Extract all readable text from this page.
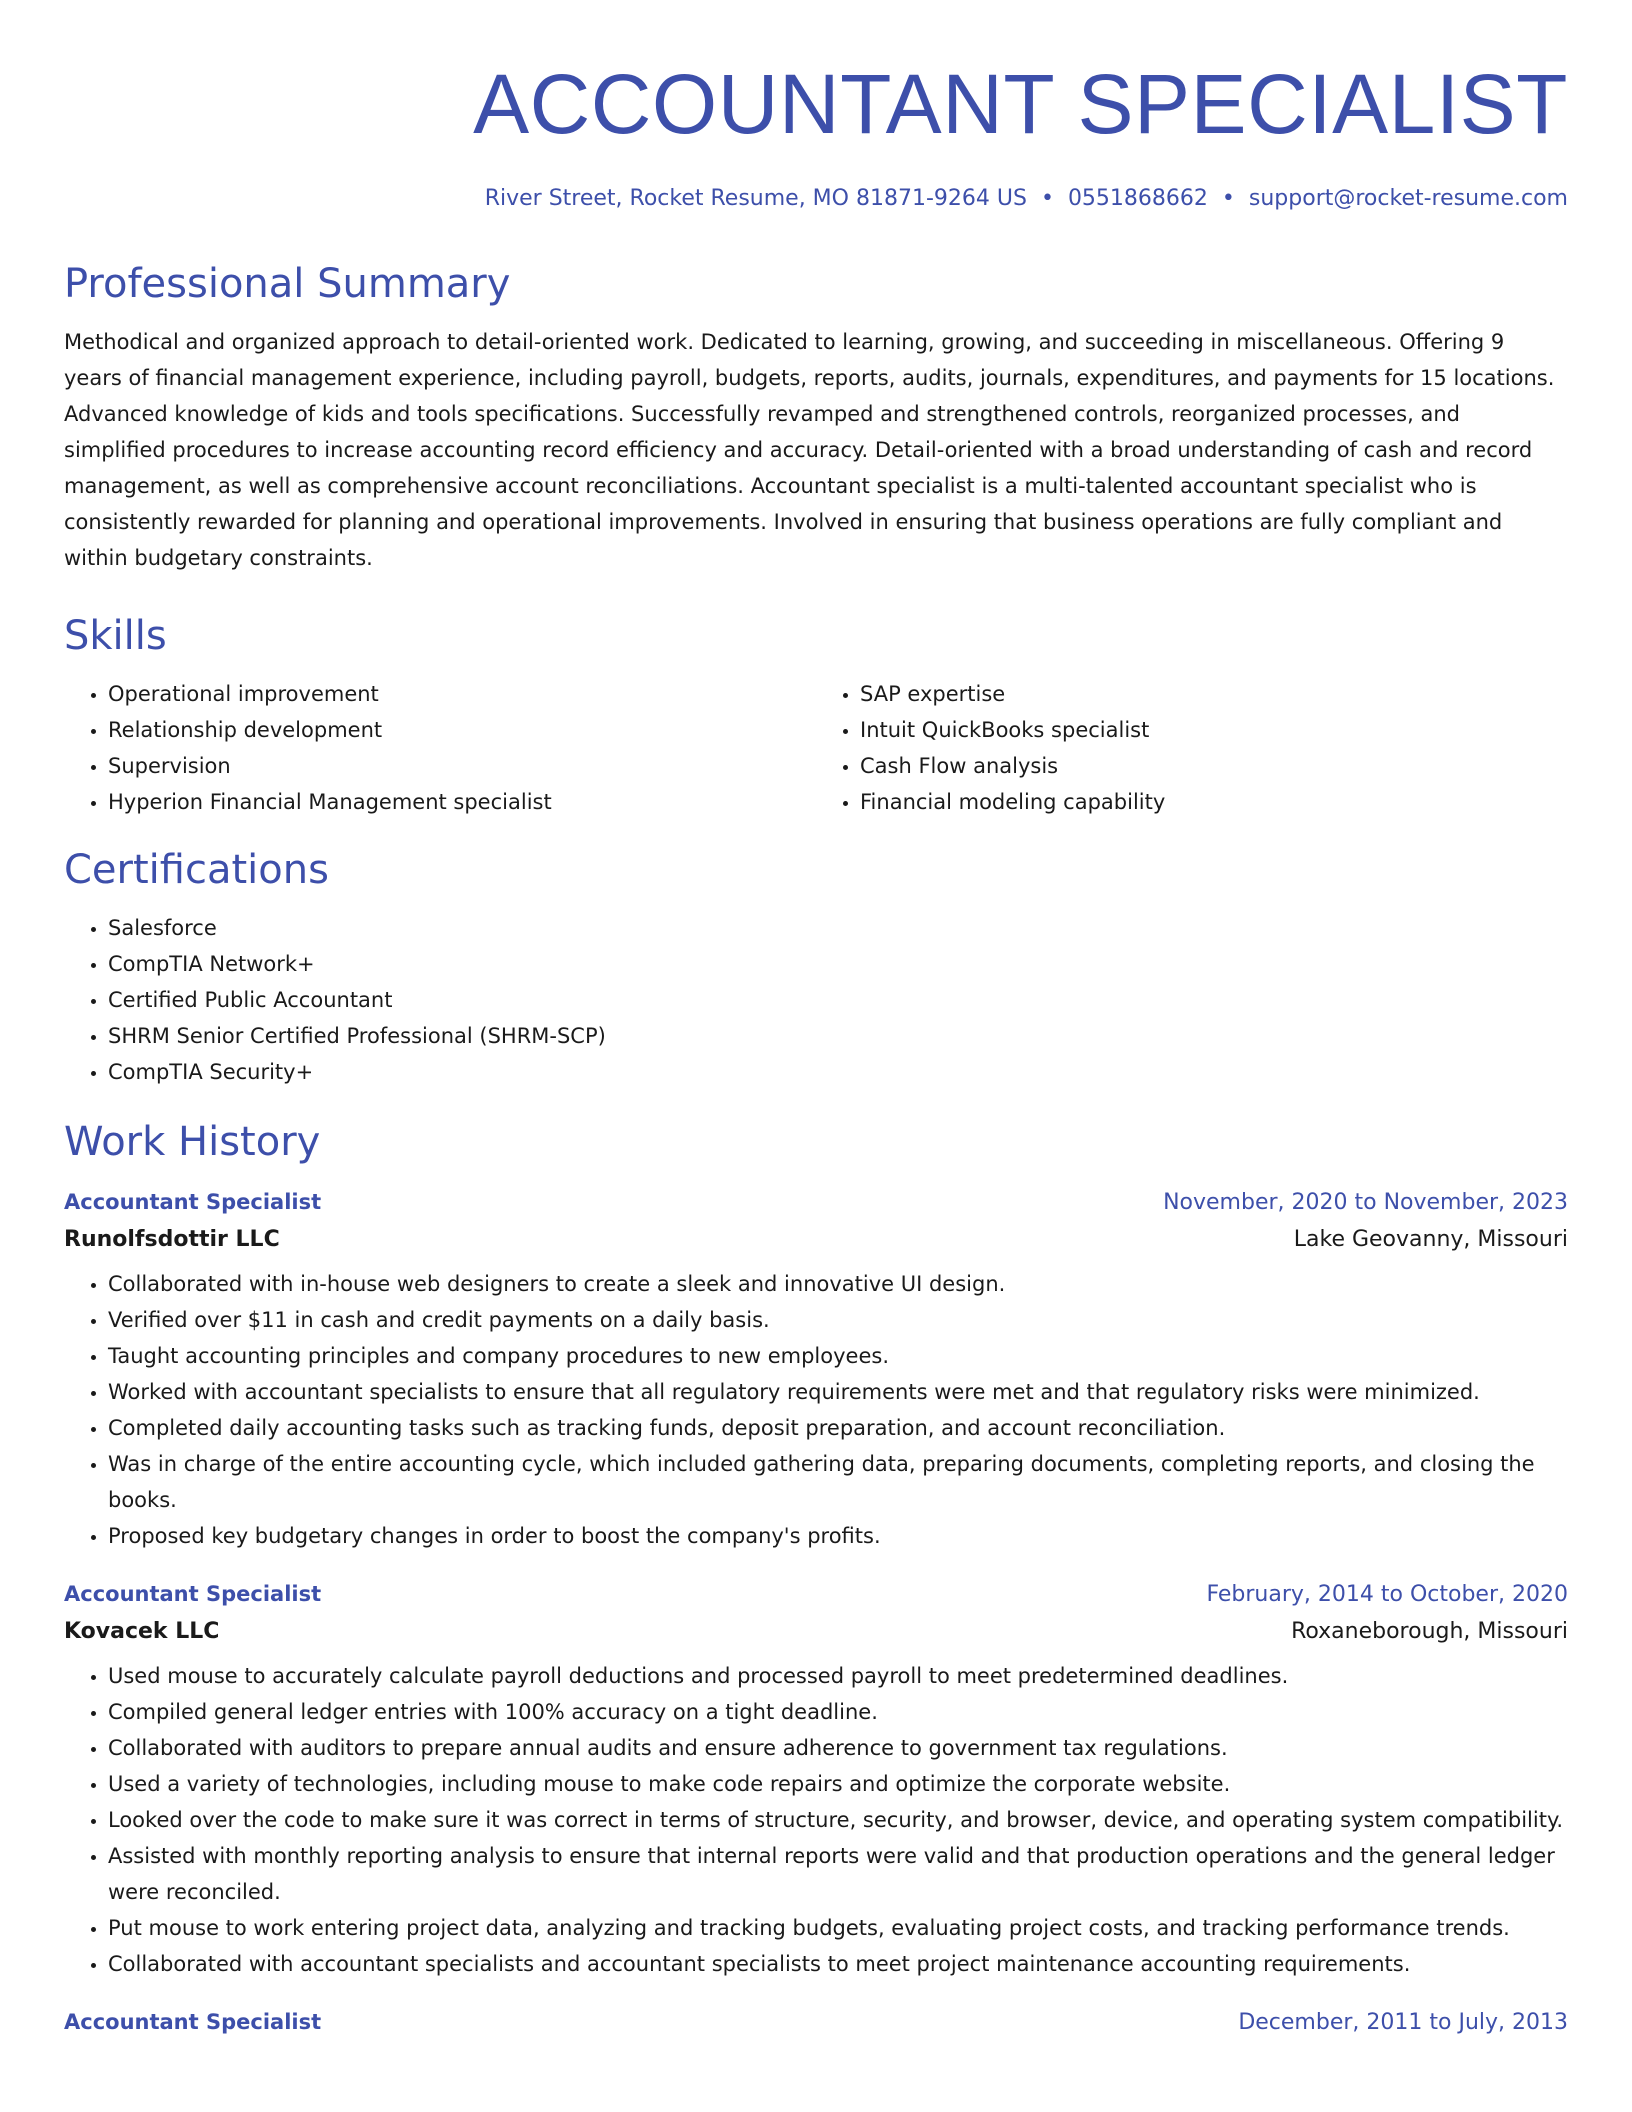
ACCOUNTANT SPECIALIST
River Street, Rocket Resume, MO 81871-9264 US • 0551868662 • support@rocket-resume.com
Professional Summary
Methodical and organized approach to detail-oriented work. Dedicated to learning, growing, and succeeding in miscellaneous. Offering 9 years of financial management experience, including payroll, budgets, reports, audits, journals, expenditures, and payments for 15 locations. Advanced knowledge of kids and tools specifications. Successfully revamped and strengthened controls, reorganized processes, and simplified procedures to increase accounting record efficiency and accuracy. Detail-oriented with a broad understanding of cash and record management, as well as comprehensive account reconciliations. Accountant specialist is a multi-talented accountant specialist who is consistently rewarded for planning and operational improvements. Involved in ensuring that business operations are fully compliant and within budgetary constraints.
Skills
• Operational improvement
• Relationship development
• Supervision
• Hyperion Financial Management specialist
• SAP expertise
• Intuit QuickBooks specialist
• Cash Flow analysis
• Financial modeling capability
Certifications
• Salesforce
• CompTIA Network+
• Certified Public Accountant
• SHRM Senior Certified Professional (SHRM-SCP)
• CompTIA Security+
Work History
Accountant Specialist	November, 2020 to November, 2023
Runolfsdottir LLC	Lake Geovanny, Missouri
• Collaborated with in-house web designers to create a sleek and innovative UI design.
• Verified over $11 in cash and credit payments on a daily basis.
• Taught accounting principles and company procedures to new employees.
• Worked with accountant specialists to ensure that all regulatory requirements were met and that regulatory risks were minimized.
• Completed daily accounting tasks such as tracking funds, deposit preparation, and account reconciliation.
• Was in charge of the entire accounting cycle, which included gathering data, preparing documents, completing reports, and closing the books.
• Proposed key budgetary changes in order to boost the company's profits.
Accountant Specialist	February, 2014 to October, 2020
Kovacek LLC	Roxaneborough, Missouri
• Used mouse to accurately calculate payroll deductions and processed payroll to meet predetermined deadlines.
• Compiled general ledger entries with 100% accuracy on a tight deadline.
• Collaborated with auditors to prepare annual audits and ensure adherence to government tax regulations.
• Used a variety of technologies, including mouse to make code repairs and optimize the corporate website.
• Looked over the code to make sure it was correct in terms of structure, security, and browser, device, and operating system compatibility.
• Assisted with monthly reporting analysis to ensure that internal reports were valid and that production operations and the general ledger were reconciled.
• Put mouse to work entering project data, analyzing and tracking budgets, evaluating project costs, and tracking performance trends.
• Collaborated with accountant specialists and accountant specialists to meet project maintenance accounting requirements.
Accountant Specialist	December, 2011 to July, 2013
